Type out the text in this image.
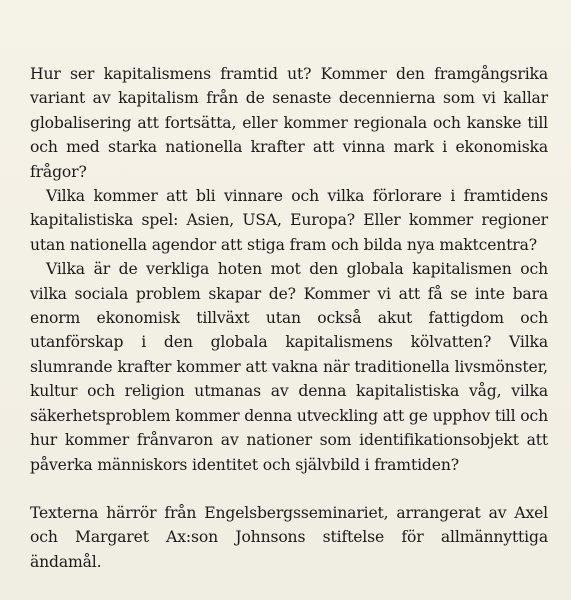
Hur ser kapitalismens framtid ut? Kommer den framgångsrika variant av kapitalism från de senaste decennierna som vi kallar globalisering att fortsätta, eller kommer regionala och kanske till och med starka nationella krafter att vinna mark i ekonomiska frågor?

Vilka kommer att bli vinnare och vilka förlorare i framtidens kapitalistiska spel: Asien, USA, Europa? Eller kommer regioner utan nationella agendor att stiga fram och bilda nya maktcentra?

Vilka är de verkliga hoten mot den globala kapitalismen och vilka sociala problem skapar de? Kommer vi att få se inte bara enorm ekonomisk tillväxt utan också akut fattigdom och utanförskap i den globala kapitalismens kölvatten? Vilka slumrande krafter kommer att vakna när traditionella livsmönster, kultur och religion utmanas av denna kapitalistiska våg, vilka säkerhetsproblem kommer denna utveckling att ge upphov till och hur kommer frånvaron av nationer som identifikationsobjekt att påverka människors identitet och självbild i framtiden?

Texterna härrör från Engelsbergsseminariet, arrangerat av Axel och Margaret Ax:son Johnsons stiftelse för allmännyttiga ändamål.
